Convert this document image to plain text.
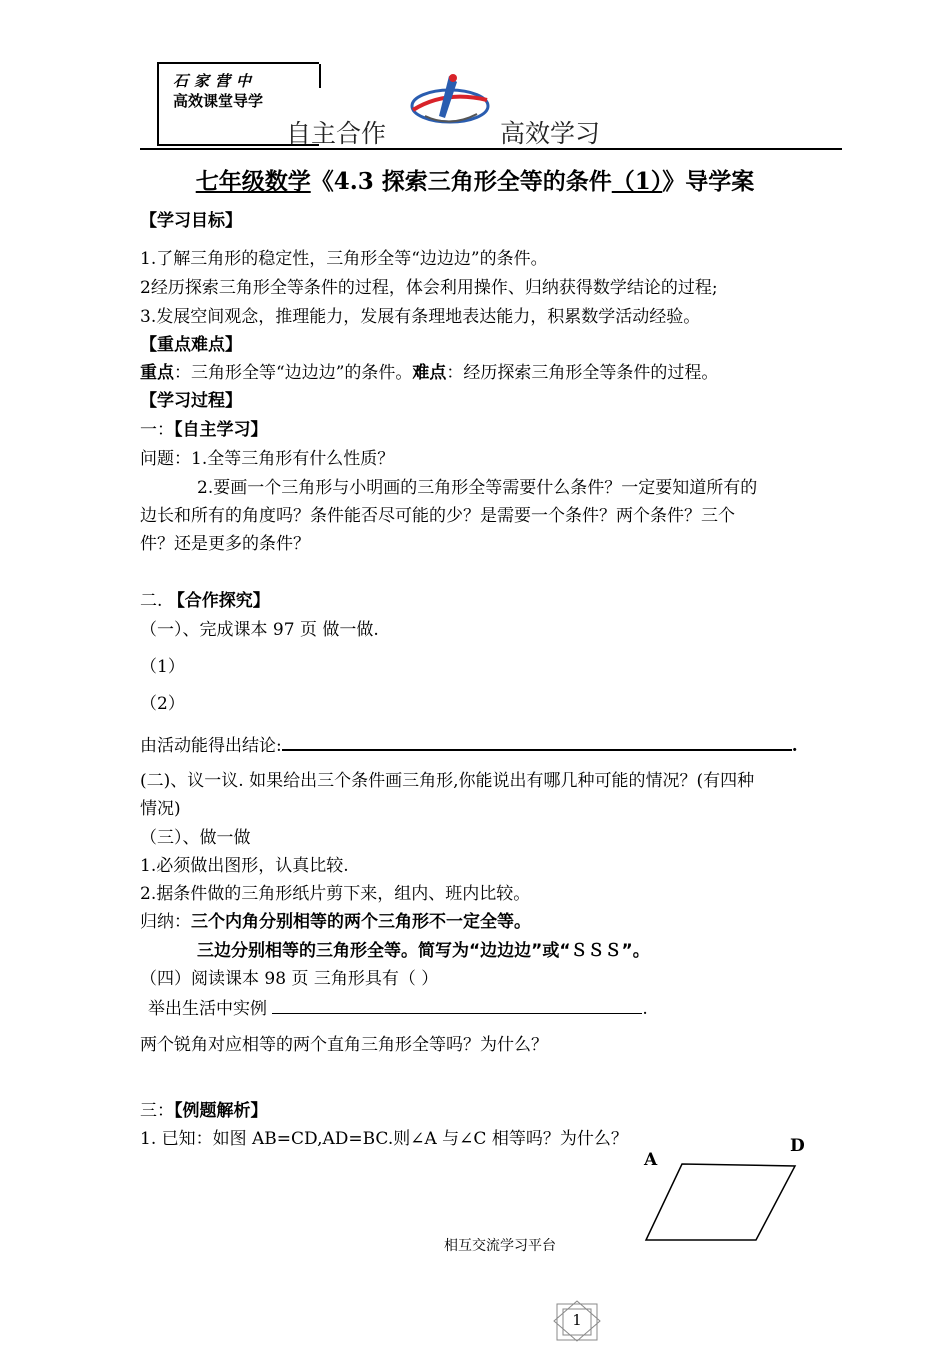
石家营中
高效课堂导学
自主合作	高效学习
七年级数学《4.3 探索三角形全等的条件（1）》导学案
【学习目标】
1.了解三角形的稳定性，三角形全等“边边边”的条件。
2经历探索三角形全等条件的过程，体会利用操作、归纳获得数学结论的过程;
3.发展空间观念，推理能力，发展有条理地表达能力，积累数学活动经验。
【重点难点】
重点：三角形全等“边边边”的条件。难点：经历探索三角形全等条件的过程。
【学习过程】
一：【自主学习】
问题：1.全等三角形有什么性质？
2.要画一个三角形与小明画的三角形全等需要什么条件？一定要知道所有的
边长和所有的角度吗？条件能否尽可能的少？是需要一个条件？两个条件？三个
件？还是更多的条件？
二. 【合作探究】
（一）、完成课本 97 页 做一做.
（1）
（2）
由活动能得出结论:	.
(二)、议一议. 如果给出三个条件画三角形,你能说出有哪几种可能的情况？(有四种
情况)
（三）、做一做
1.必须做出图形，认真比较.
2.据条件做的三角形纸片剪下来，组内、班内比较。
归纳：三个内角分别相等的两个三角形不一定全等。
三边分别相等的三角形全等。简写为“边边边”或“ＳＳＳ”。
（四）阅读课本 98 页 三角形具有（ ）
举出生活中实例	.
两个锐角对应相等的两个直角三角形全等吗？为什么？
三：【例题解析】
1. 已知：如图 AB=CD,AD=BC.则∠A 与∠C 相等吗？为什么？
A
D
相互交流学习平台
1
